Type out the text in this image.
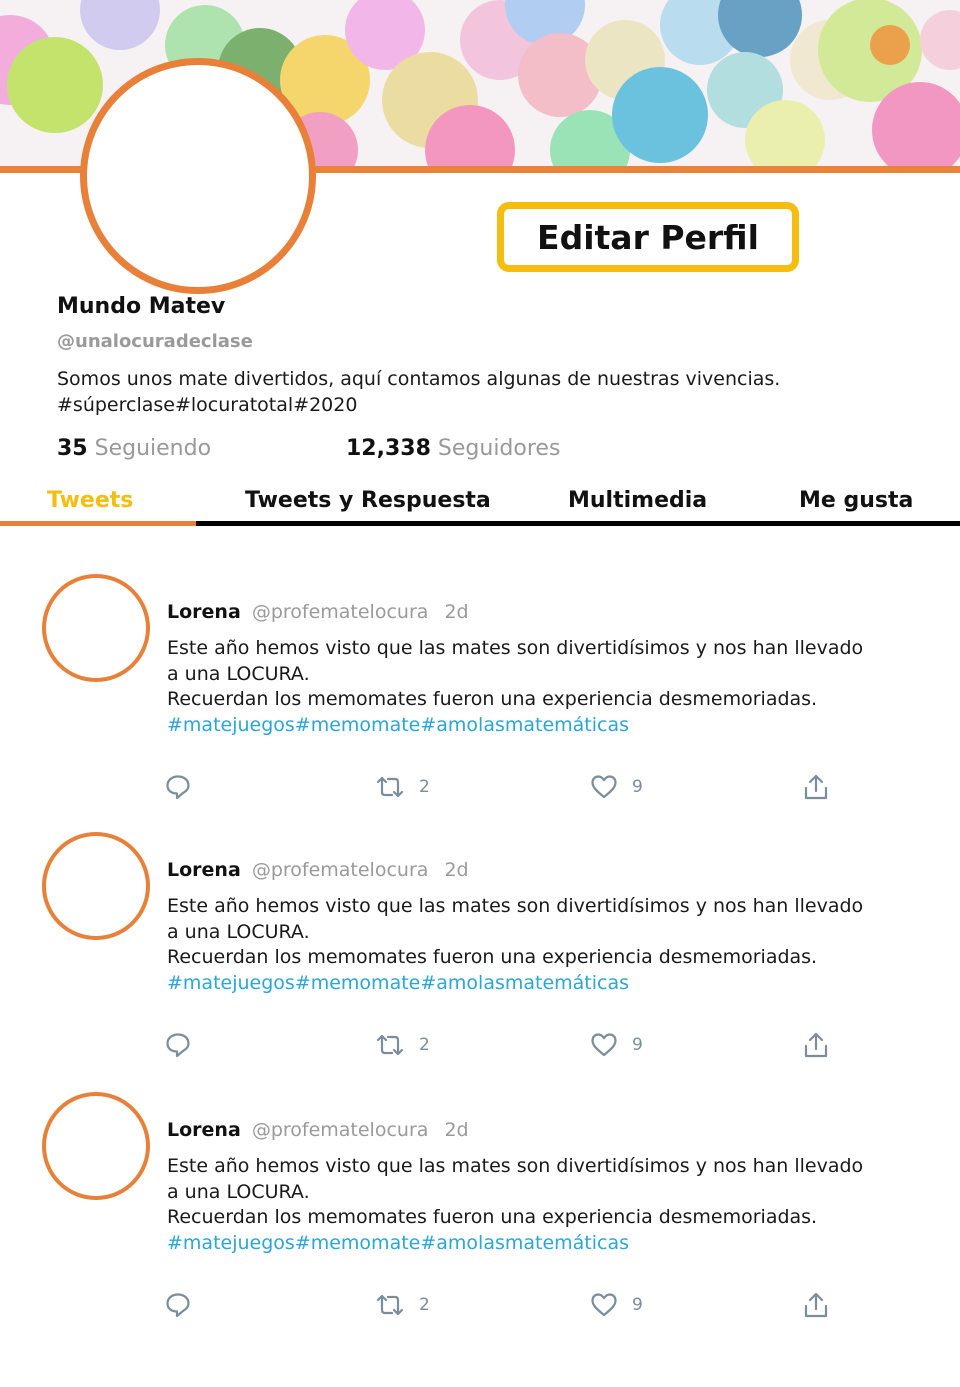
Editar Perfil
Mundo Matev
@unalocuradeclase
Somos unos mate divertidos, aquí contamos algunas de nuestras vivencias.
#súperclase#locuratotal#2020
35 Seguiendo	12,338 Seguidores
Tweets	Tweets y Respuesta	Multimedia	Me gusta
Lorena @profematelocura 2d
Este año hemos visto que las mates son divertidísimos y nos han llevado
a una LOCURA.
Recuerdan los memomates fueron una experiencia desmemoriadas.
#matejuegos#memomate#amolasmatemáticas
2	9
Lorena @profematelocura 2d
Este año hemos visto que las mates son divertidísimos y nos han llevado
a una LOCURA.
Recuerdan los memomates fueron una experiencia desmemoriadas.
#matejuegos#memomate#amolasmatemáticas
2	9
Lorena @profematelocura 2d
Este año hemos visto que las mates son divertidísimos y nos han llevado
a una LOCURA.
Recuerdan los memomates fueron una experiencia desmemoriadas.
#matejuegos#memomate#amolasmatemáticas
2	9
